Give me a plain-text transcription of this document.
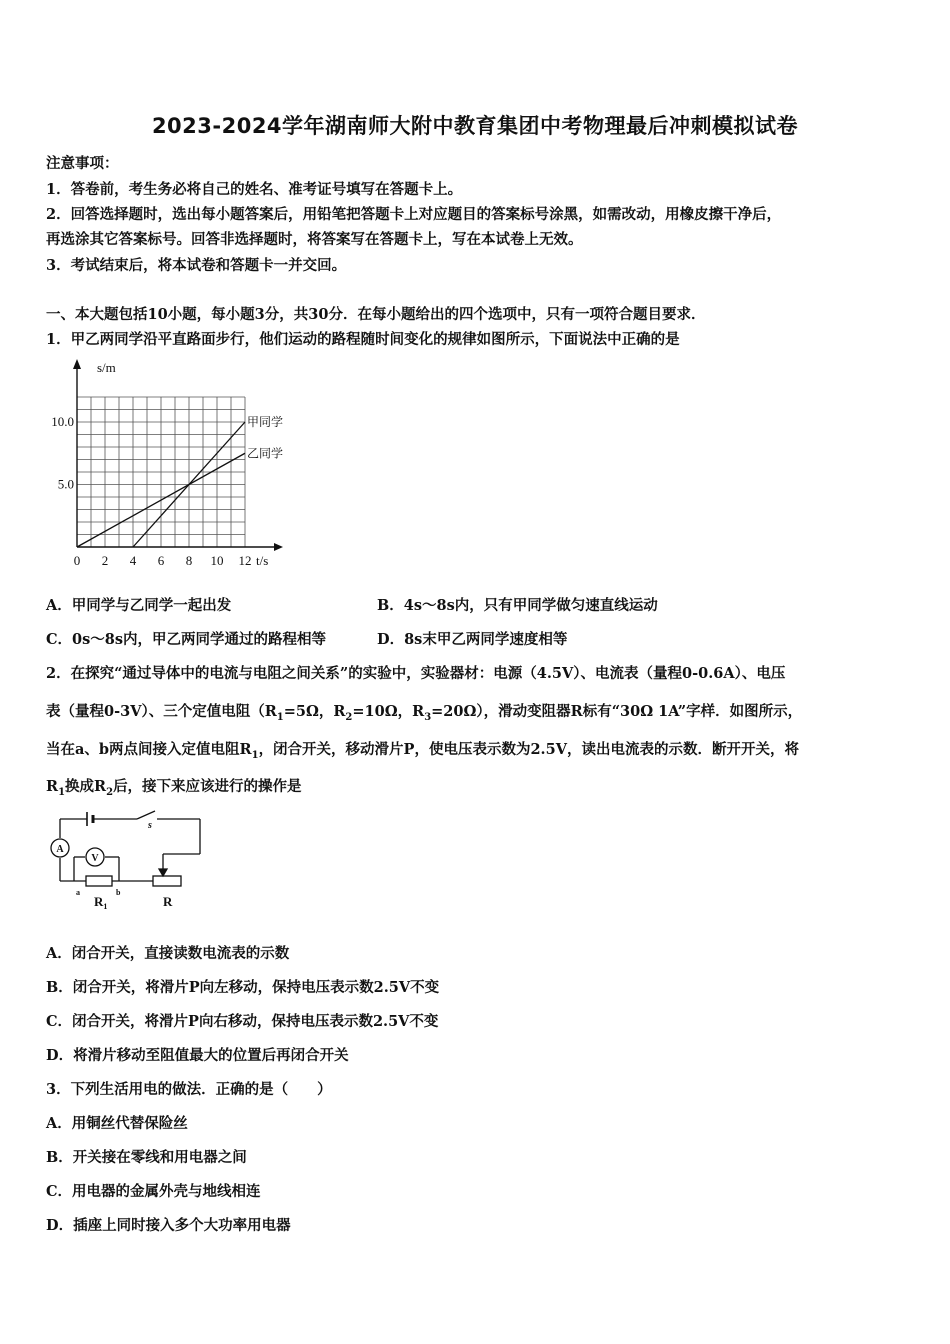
2023-2024学年湖南师大附中教育集团中考物理最后冲刺模拟试卷
注意事项：
1．答卷前，考生务必将自己的姓名、准考证号填写在答题卡上。
2．回答选择题时，选出每小题答案后，用铅笔把答题卡上对应题目的答案标号涂黑，如需改动，用橡皮擦干净后，
再选涂其它答案标号。回答非选择题时，将答案写在答题卡上，写在本试卷上无效。
3．考试结束后，将本试卷和答题卡一并交回。
一、本大题包括10小题，每小题3分，共30分．在每小题给出的四个选项中，只有一项符合题目要求．
1．甲乙两同学沿平直路面步行，他们运动的路程随时间变化的规律如图所示，下面说法中正确的是
0 2 4 6 8 10 12
5.0
10.0
t/s
s/m
甲同学
乙同学
A．甲同学与乙同学一起出发	B．4s～8s内，只有甲同学做匀速直线运动
C．0s～8s内，甲乙两同学通过的路程相等	D．8s末甲乙两同学速度相等
2．在探究“通过导体中的电流与电阻之间关系”的实验中，实验器材：电源（4.5V）、电流表（量程0-0.6A）、电压
表（量程0-3V）、三个定值电阻（$R_1=5\Omega$，$R_2=10\Omega$，$R_3=20\Omega$），滑动变阻器R标有“30Ω 1A”字样．如图所示，
当在a、b两点间接入定值电阻$R_1$，闭合开关，移动滑片P，使电压表示数为2.5V，读出电流表的示数．断开开关，将
$R_1$换成$R_2$后，接下来应该进行的操作是
A
V
s
a	b
$R_1$	R
A．闭合开关，直接读数电流表的示数
B．闭合开关，将滑片P向左移动，保持电压表示数2.5V不变
C．闭合开关，将滑片P向右移动，保持电压表示数2.5V不变
D．将滑片移动至阻值最大的位置后再闭合开关
3．下列生活用电的做法．正确的是（　　）
A．用铜丝代替保险丝
B．开关接在零线和用电器之间
C．用电器的金属外壳与地线相连
D．插座上同时接入多个大功率用电器
